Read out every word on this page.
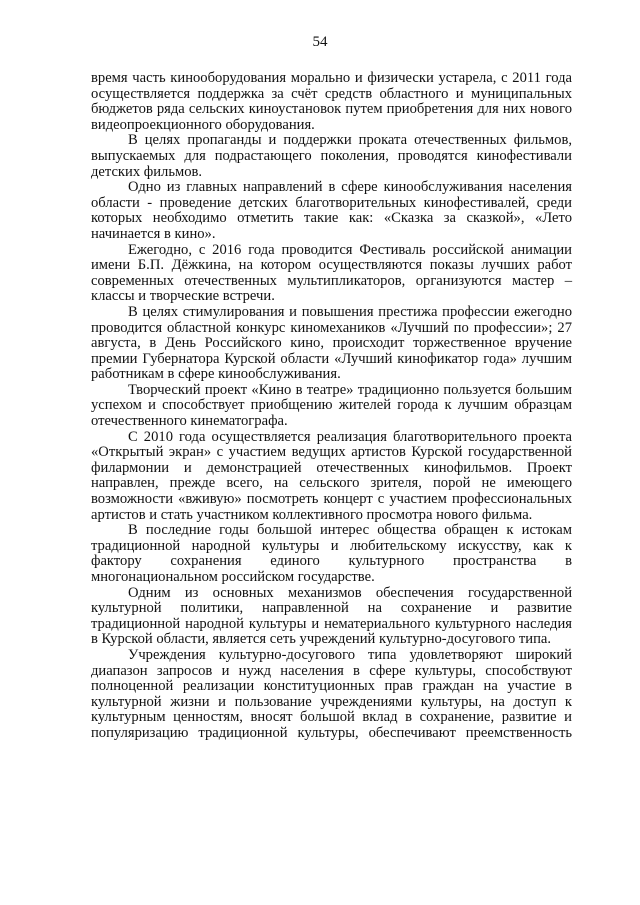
54

время часть кинооборудования морально и физически устарела, с 2011 года осуществляется поддержка за счёт средств областного и муниципальных бюджетов ряда сельских киноустановок путем приобретения для них нового видеопроекционного оборудования.

В целях пропаганды и поддержки проката отечественных фильмов, выпускаемых для подрастающего поколения, проводятся кинофестивали детских фильмов.

Одно из главных направлений в сфере кинообслуживания населения области - проведение детских благотворительных кинофестивалей, среди которых необходимо отметить такие как: «Сказка за сказкой», «Лето начинается в кино».

Ежегодно, с 2016 года проводится Фестиваль российской анимации имени Б.П. Дёжкина, на котором осуществляются показы лучших работ современных отечественных мультипликаторов, организуются мастер – классы и творческие встречи.

В целях стимулирования и повышения престижа профессии ежегодно проводится областной конкурс киномехаников «Лучший по профессии»; 27 августа, в День Российского кино, происходит торжественное вручение премии Губернатора Курской области «Лучший кинофикатор года» лучшим работникам в сфере кинообслуживания.

Творческий проект «Кино в театре» традиционно пользуется большим успехом и способствует приобщению жителей города к лучшим образцам отечественного кинематографа.

С 2010 года осуществляется реализация благотворительного проекта «Открытый экран» с участием ведущих артистов Курской государственной филармонии и демонстрацией отечественных кинофильмов. Проект направлен, прежде всего, на сельского зрителя, порой не имеющего возможности «вживую» посмотреть концерт с участием профессиональных артистов и стать участником коллективного просмотра нового фильма.

В последние годы большой интерес общества обращен к истокам традиционной народной культуры и любительскому искусству, как к фактору сохранения единого культурного пространства в многонациональном российском государстве.

Одним из основных механизмов обеспечения государственной культурной политики, направленной на сохранение и развитие традиционной народной культуры и нематериального культурного наследия в Курской области, является сеть учреждений культурно-досугового типа.

Учреждения культурно-досугового типа удовлетворяют широкий диапазон запросов и нужд населения в сфере культуры, способствуют полноценной реализации конституционных прав граждан на участие в культурной жизни и пользование учреждениями культуры, на доступ к культурным ценностям, вносят большой вклад в сохранение, развитие и популяризацию традиционной культуры, обеспечивают преемственность
